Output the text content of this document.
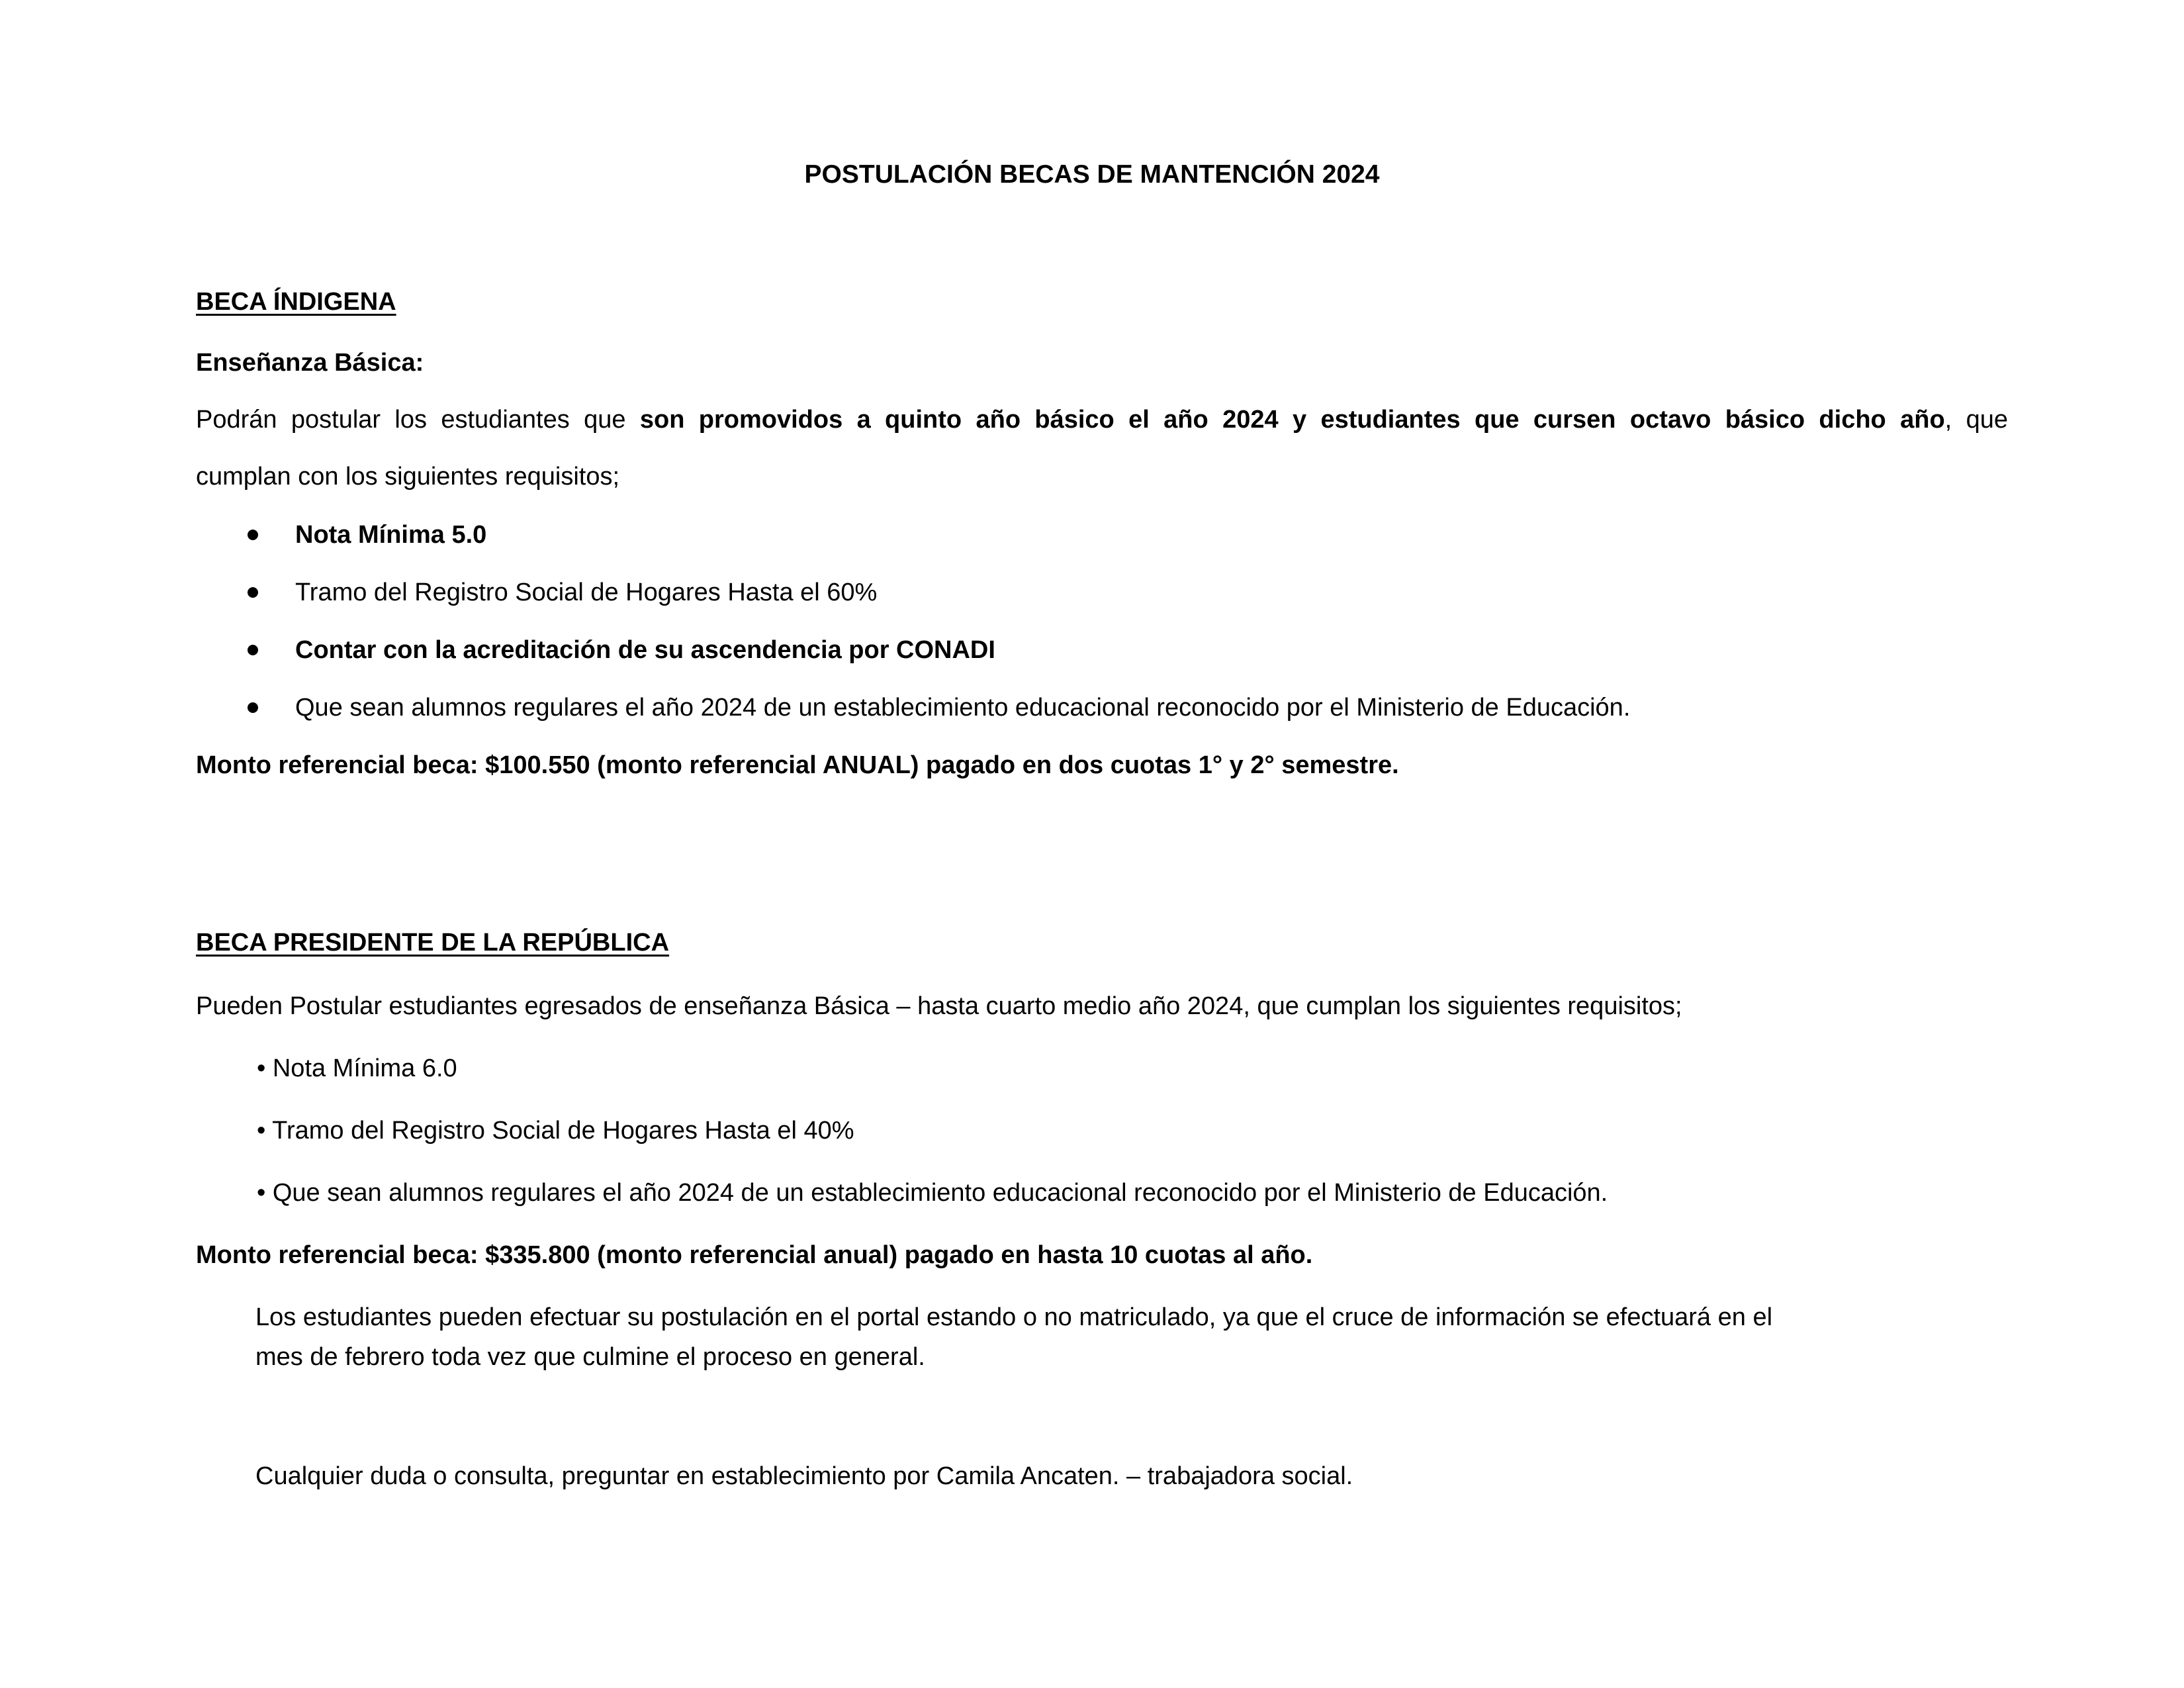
POSTULACIÓN BECAS DE MANTENCIÓN 2024
BECA ÍNDIGENA
Enseñanza Básica:
Podrán postular los estudiantes que son promovidos a quinto año básico el año 2024 y estudiantes que cursen octavo básico dicho año, que
cumplan con los siguientes requisitos;
Nota Mínima 5.0
Tramo del Registro Social de Hogares Hasta el 60%
Contar con la acreditación de su ascendencia por CONADI
Que sean alumnos regulares el año 2024 de un establecimiento educacional reconocido por el Ministerio de Educación.
Monto referencial beca: $100.550 (monto referencial ANUAL) pagado en dos cuotas 1° y 2° semestre.
BECA PRESIDENTE DE LA REPÚBLICA
Pueden Postular estudiantes egresados de enseñanza Básica – hasta cuarto medio año 2024, que cumplan los siguientes requisitos;
• Nota Mínima 6.0
• Tramo del Registro Social de Hogares Hasta el 40%
• Que sean alumnos regulares el año 2024 de un establecimiento educacional reconocido por el Ministerio de Educación.
Monto referencial beca: $335.800 (monto referencial anual) pagado en hasta 10 cuotas al año.
Los estudiantes pueden efectuar su postulación en el portal estando o no matriculado, ya que el cruce de información se efectuará en el
mes de febrero toda vez que culmine el proceso en general.
Cualquier duda o consulta, preguntar en establecimiento por Camila Ancaten. – trabajadora social.
